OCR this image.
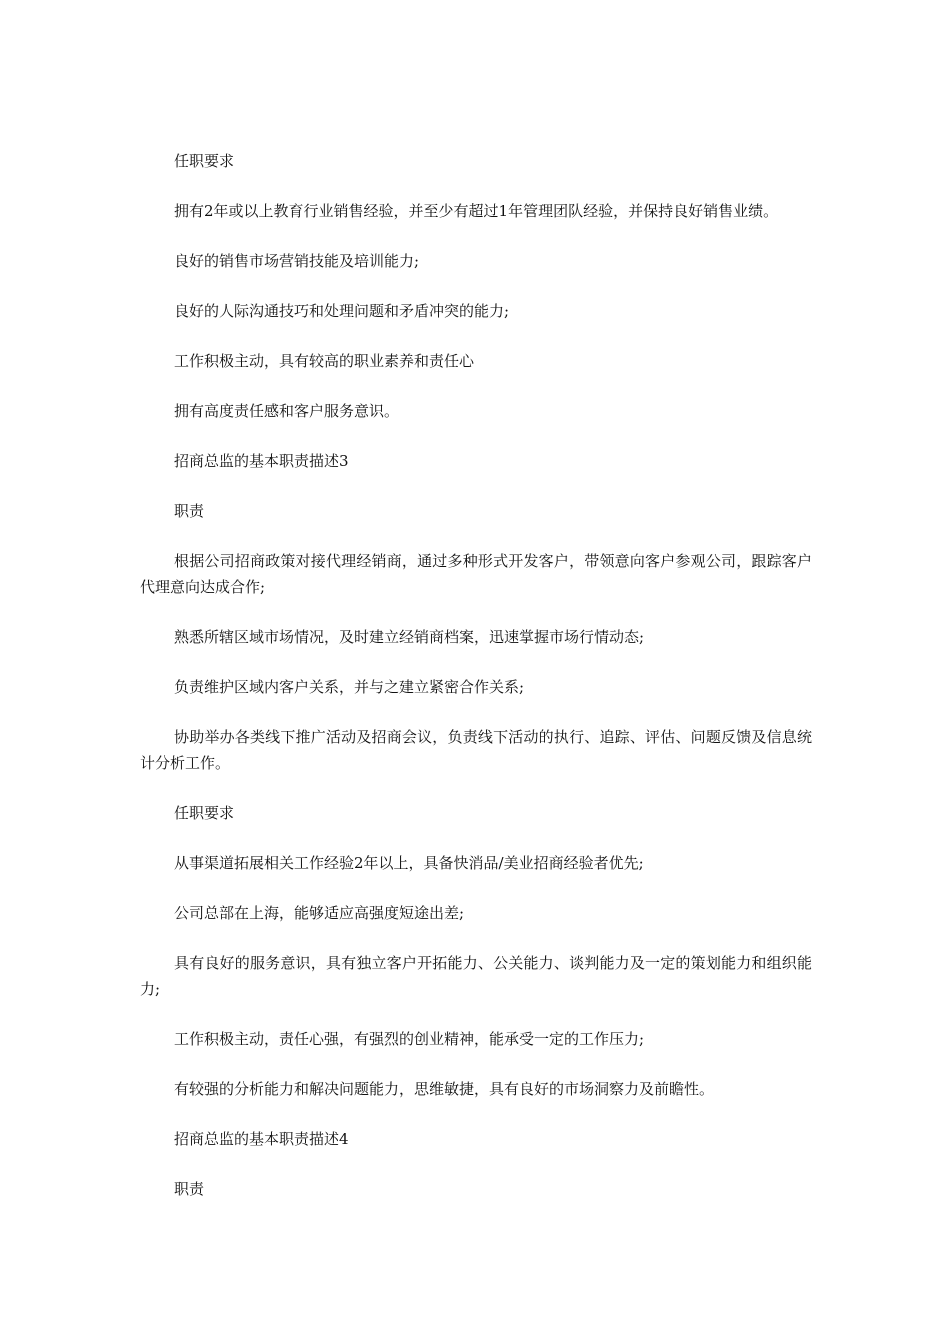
任职要求

拥有2年或以上教育行业销售经验，并至少有超过1年管理团队经验，并保持良好销售业绩。

良好的销售市场营销技能及培训能力;

良好的人际沟通技巧和处理问题和矛盾冲突的能力;

工作积极主动，具有较高的职业素养和责任心

拥有高度责任感和客户服务意识。

招商总监的基本职责描述3

职责

根据公司招商政策对接代理经销商，通过多种形式开发客户，带领意向客户参观公司，跟踪客户代理意向达成合作;

熟悉所辖区域市场情况，及时建立经销商档案，迅速掌握市场行情动态;

负责维护区域内客户关系，并与之建立紧密合作关系;

协助举办各类线下推广活动及招商会议，负责线下活动的执行、追踪、评估、问题反馈及信息统计分析工作。

任职要求

从事渠道拓展相关工作经验2年以上，具备快消品/美业招商经验者优先;

公司总部在上海，能够适应高强度短途出差;

具有良好的服务意识，具有独立客户开拓能力、公关能力、谈判能力及一定的策划能力和组织能力;

工作积极主动，责任心强，有强烈的创业精神，能承受一定的工作压力;

有较强的分析能力和解决问题能力，思维敏捷，具有良好的市场洞察力及前瞻性。

招商总监的基本职责描述4

职责
